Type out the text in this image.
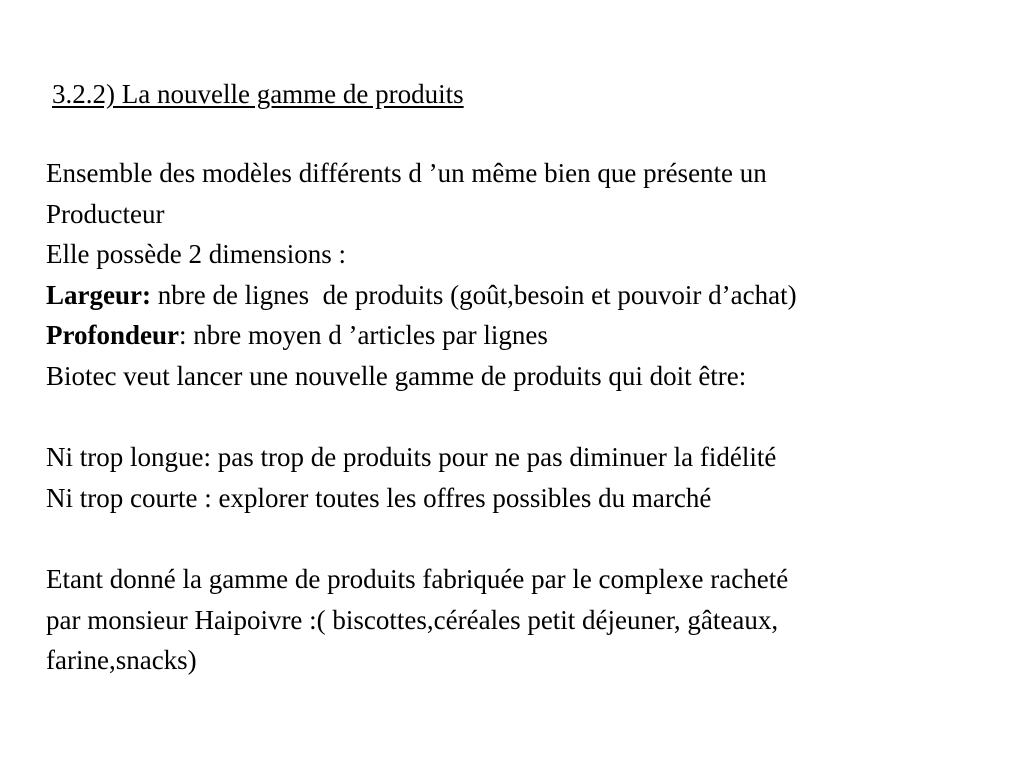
3.2.2) La nouvelle gamme de produits
Ensemble des modèles différents d ’un même bien que présente un
Producteur
Elle possède 2 dimensions :
Largeur: nbre de lignes  de produits (goût,besoin et pouvoir d’achat)
Profondeur: nbre moyen d ’articles par lignes
Biotec veut lancer une nouvelle gamme de produits qui doit être:
Ni trop longue: pas trop de produits pour ne pas diminuer la fidélité
Ni trop courte : explorer toutes les offres possibles du marché
Etant donné la gamme de produits fabriquée par le complexe racheté
par monsieur Haipoivre :( biscottes,céréales petit déjeuner, gâteaux,
farine,snacks)
